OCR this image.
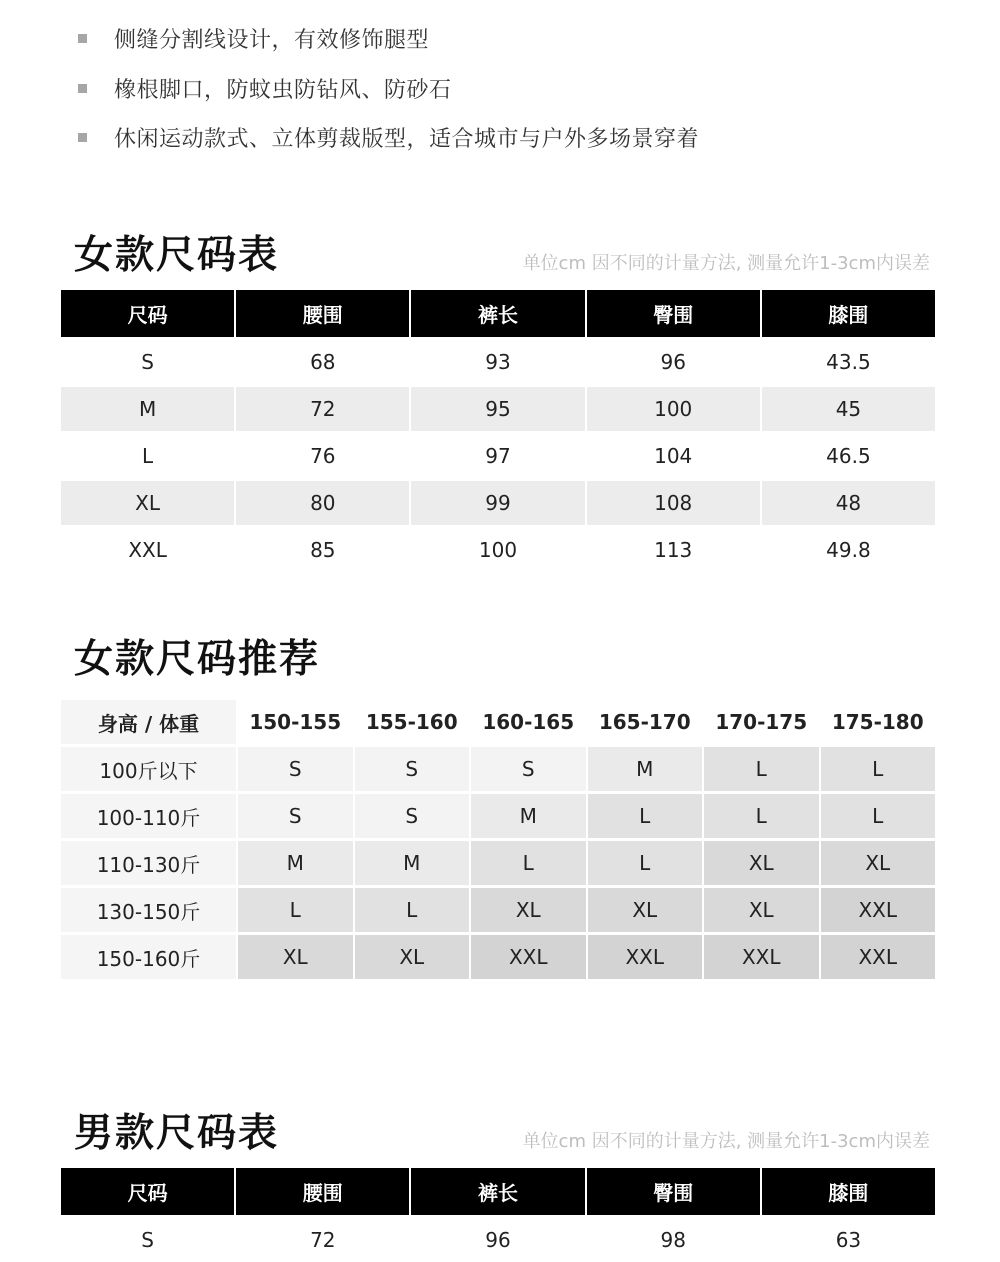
侧缝分割线设计，有效修饰腿型
橡根脚口，防蚊虫防钻风、防砂石
休闲运动款式、立体剪裁版型，适合城市与户外多场景穿着
女款尺码表	单位cm 因不同的计量方法, 测量允许1-3cm内误差
尺码	腰围	裤长	臀围	膝围
S	68	93	96	43.5
M	72	95	100	45
L	76	97	104	46.5
XL	80	99	108	48
XXL	85	100	113	49.8
女款尺码推荐
身高 / 体重	150-155	155-160	160-165	165-170	170-175	175-180
100斤以下	S	S	S	M	L	L
100-110斤	S	S	M	L	L	L
110-130斤	M	M	L	L	XL	XL
130-150斤	L	L	XL	XL	XL	XXL
150-160斤	XL	XL	XXL	XXL	XXL	XXL
男款尺码表	单位cm 因不同的计量方法, 测量允许1-3cm内误差
尺码	腰围	裤长	臀围	膝围
S	72	96	98	63
